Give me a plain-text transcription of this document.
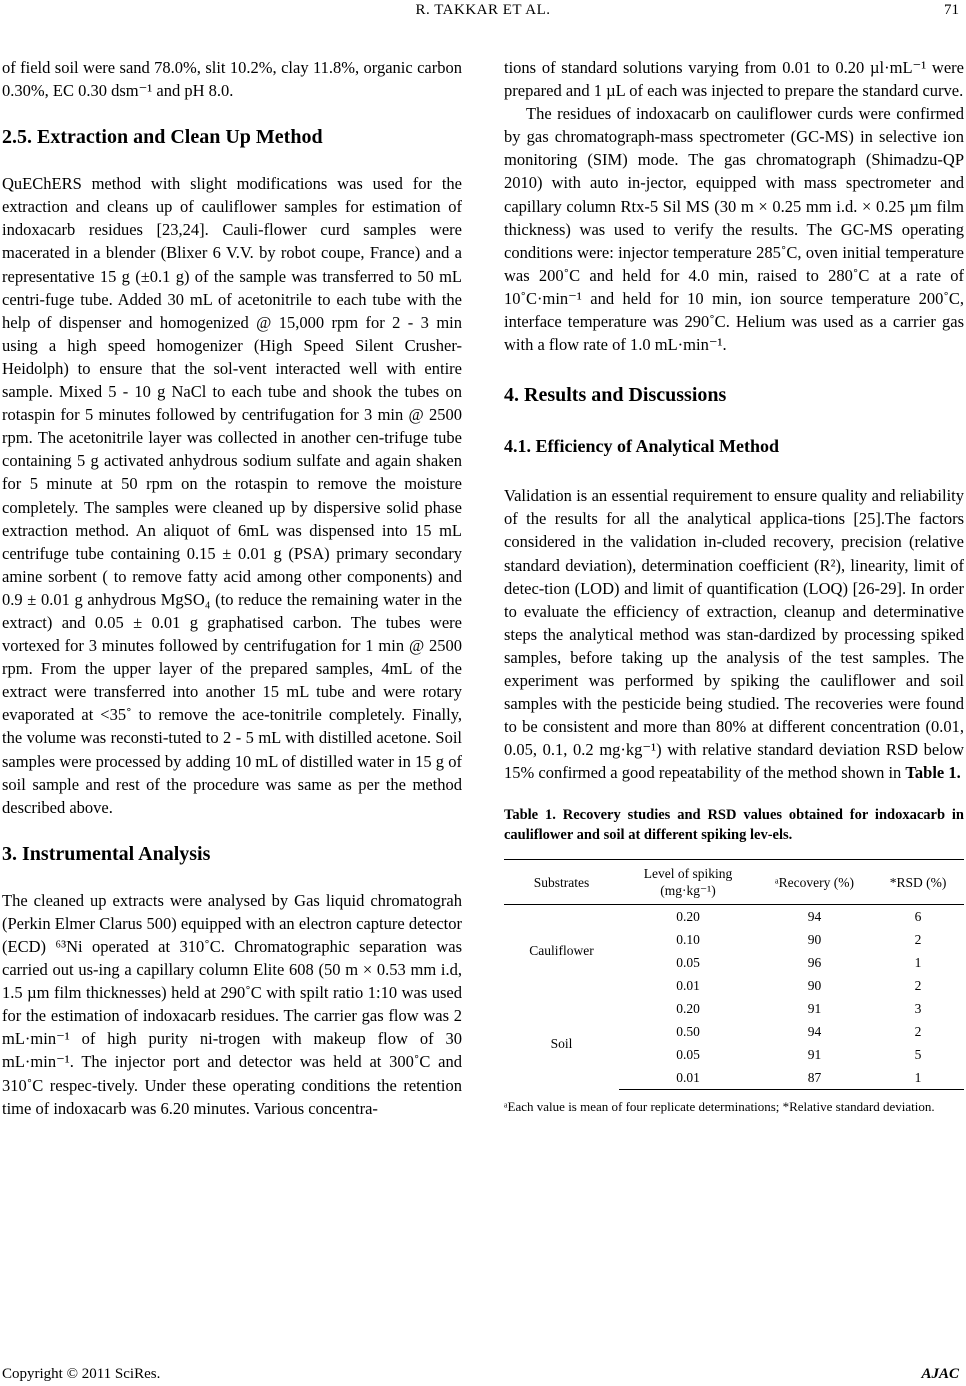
R. TAKKAR ET AL.	71

of field soil were sand 78.0%, slit 10.2%, clay 11.8%, organic carbon 0.30%, EC 0.30 dsm⁻¹ and pH 8.0.

2.5. Extraction and Clean Up Method

QuEChERS method with slight modifications was used for the extraction and cleans up of cauliflower samples for estimation of indoxacarb residues [23,24]. Cauli-flower curd samples were macerated in a blender (Blixer 6 V.V. by robot coupe, France) and a representative 15 g (±0.1 g) of the sample was transferred to 50 mL centri-fuge tube. Added 30 mL of acetonitrile to each tube with the help of dispenser and homogenized @ 15,000 rpm for 2 - 3 min using a high speed homogenizer (High Speed Silent Crusher-Heidolph) to ensure that the sol-vent interacted well with entire sample. Mixed 5 - 10 g NaCl to each tube and shook the tubes on rotaspin for 5 minutes followed by centrifugation for 3 min @ 2500 rpm. The acetonitrile layer was collected in another cen-trifuge tube containing 5 g activated anhydrous sodium sulfate and again shaken for 5 minute at 50 rpm on the rotaspin to remove the moisture completely. The samples were cleaned up by dispersive solid phase extraction method. An aliquot of 6mL was dispensed into 15 mL centrifuge tube containing 0.15 ± 0.01 g (PSA) primary secondary amine sorbent ( to remove fatty acid among other components) and 0.9 ± 0.01 g anhydrous MgSO₄ (to reduce the remaining water in the extract) and 0.05 ± 0.01 g graphatised carbon. The tubes were vortexed for 3 minutes followed by centrifugation for 1 min @ 2500 rpm. From the upper layer of the prepared samples, 4mL of the extract were transferred into another 15 mL tube and were rotary evaporated at <35˚ to remove the ace-tonitrile completely. Finally, the volume was reconsti-tuted to 2 - 5 mL with distilled acetone. Soil samples were processed by adding 10 mL of distilled water in 15 g of soil sample and rest of the procedure was same as per the method described above.

3. Instrumental Analysis

The cleaned up extracts were analysed by Gas liquid chromatograh (Perkin Elmer Clarus 500) equipped with an electron capture detector (ECD) ⁶³Ni operated at 310˚C. Chromatographic separation was carried out us-ing a capillary column Elite 608 (50 m × 0.53 mm i.d, 1.5 µm film thicknesses) held at 290˚C with spilt ratio 1:10 was used for the estimation of indoxacarb residues. The carrier gas flow was 2 mL·min⁻¹ of high purity ni-trogen with makeup flow of 30 mL·min⁻¹. The injector port and detector was held at 300˚C and 310˚C respec-tively. Under these operating conditions the retention time of indoxacarb was 6.20 minutes. Various concentra-

tions of standard solutions varying from 0.01 to 0.20 µl·mL⁻¹ were prepared and 1 µL of each was injected to prepare the standard curve.

The residues of indoxacarb on cauliflower curds were confirmed by gas chromatograph-mass spectrometer (GC-MS) in selective ion monitoring (SIM) mode. The gas chromatograph (Shimadzu-QP 2010) with auto in-jector, equipped with mass spectrometer and capillary column Rtx-5 Sil MS (30 m × 0.25 mm i.d. × 0.25 µm film thickness) was used to verify the results. The GC-MS operating conditions were: injector temperature 285˚C, oven initial temperature was 200˚C and held for 4.0 min, raised to 280˚C at a rate of 10˚C·min⁻¹ and held for 10 min, ion source temperature 200˚C, interface temperature was 290˚C. Helium was used as a carrier gas with a flow rate of 1.0 mL·min⁻¹.

4. Results and Discussions
4.1. Efficiency of Analytical Method

Validation is an essential requirement to ensure quality and reliability of the results for all the analytical applica-tions [25].The factors considered in the validation in-cluded recovery, precision (relative standard deviation), determination coefficient (R²), linearity, limit of detec-tion (LOD) and limit of quantification (LOQ) [26-29]. In order to evaluate the efficiency of extraction, cleanup and determinative steps the analytical method was stan-dardized by processing spiked samples, before taking up the analysis of the test samples. The experiment was performed by spiking the cauliflower and soil samples with the pesticide being studied. The recoveries were found to be consistent and more than 80% at different concentration (0.01, 0.05, 0.1, 0.2 mg·kg⁻¹) with relative standard deviation RSD below 15% confirmed a good repeatability of the method shown in Table 1.

Table 1. Recovery studies and RSD values obtained for indoxacarb in cauliflower and soil at different spiking lev-els.

Substrates	Level of spiking (mg·kg⁻¹)	ᵃRecovery (%)	*RSD (%)
Cauliflower	0.20	94	6
	0.10	90	2
	0.05	96	1
	0.01	90	2
Soil	0.20	91	3
	0.50	94	2
	0.05	91	5
	0.01	87	1

ᵃEach value is mean of four replicate determinations; *Relative standard deviation.

Copyright © 2011 SciRes.	AJAC
